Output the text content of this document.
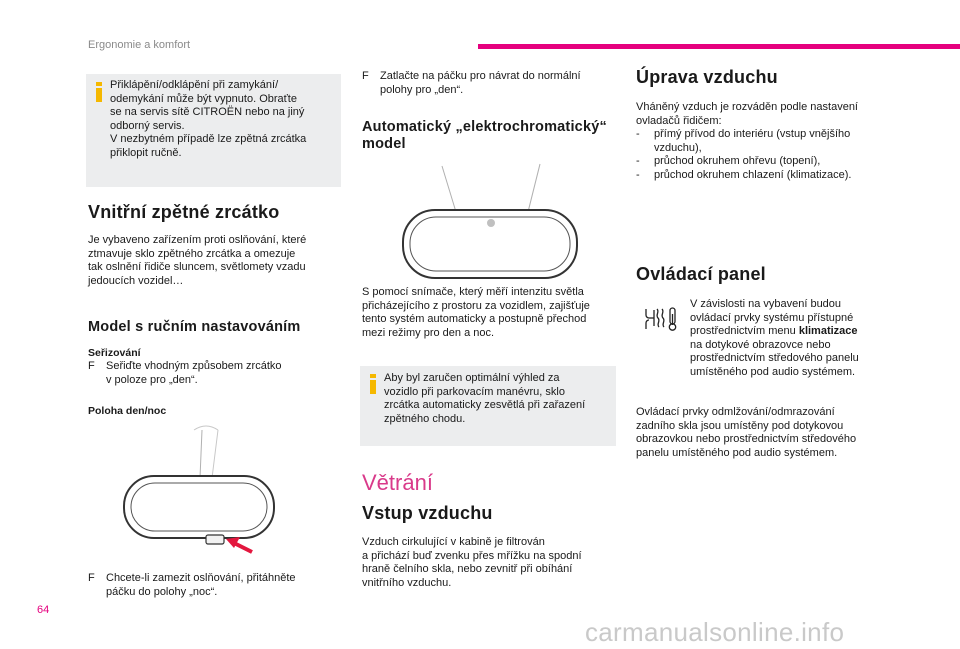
Ergonomie a komfort
Přiklápění/odklápění při zamykání/
odemykání může být vypnuto. Obraťte
se na servis sítě CITROËN nebo na jiný
odborný servis.
V nezbytném případě lze zpětná zrcátka
přiklopit ručně.
Vnitřní zpětné zrcátko
Je vybaveno zařízením proti oslňování, které
ztmavuje sklo zpětného zrcátka a omezuje
tak oslnění řidiče sluncem, světlomety vzadu
jedoucích vozidel…
Model s ručním nastavováním
Seřizování
F	Seřiďte vhodným způsobem zrcátko
v poloze pro „den“.
Poloha den/noc
F	Chcete-li zamezit oslňování, přitáhněte
páčku do polohy „noc“.
F	Zatlačte na páčku pro návrat do normální
polohy pro „den“.
Automatický „elektrochromatický“
model
S pomocí snímače, který měří intenzitu světla
přicházejícího z prostoru za vozidlem, zajišťuje
tento systém automaticky a postupně přechod
mezi režimy pro den a noc.
Aby byl zaručen optimální výhled za
vozidlo při parkovacím manévru, sklo
zrcátka automaticky zesvětlá při zařazení
zpětného chodu.
Větrání
Vstup vzduchu
Vzduch cirkulující v kabině je filtrován
a přichází buď zvenku přes mřížku na spodní
hraně čelního skla, nebo zevnitř při obíhání
vnitřního vzduchu.
Úprava vzduchu
Vháněný vzduch je rozváděn podle nastavení
ovladačů řidičem:
-	přímý přívod do interiéru (vstup vnějšího
vzduchu),
-	průchod okruhem ohřevu (topení),
-	průchod okruhem chlazení (klimatizace).
Ovládací panel
V závislosti na vybavení budou
ovládací prvky systému přístupné
prostřednictvím menu klimatizace
na dotykové obrazovce nebo
prostřednictvím středového panelu
umístěného pod audio systémem.
Ovládací prvky odmlžování/odmrazování
zadního skla jsou umístěny pod dotykovou
obrazovkou nebo prostřednictvím středového
panelu umístěného pod audio systémem.
64
carmanualsonline.info
